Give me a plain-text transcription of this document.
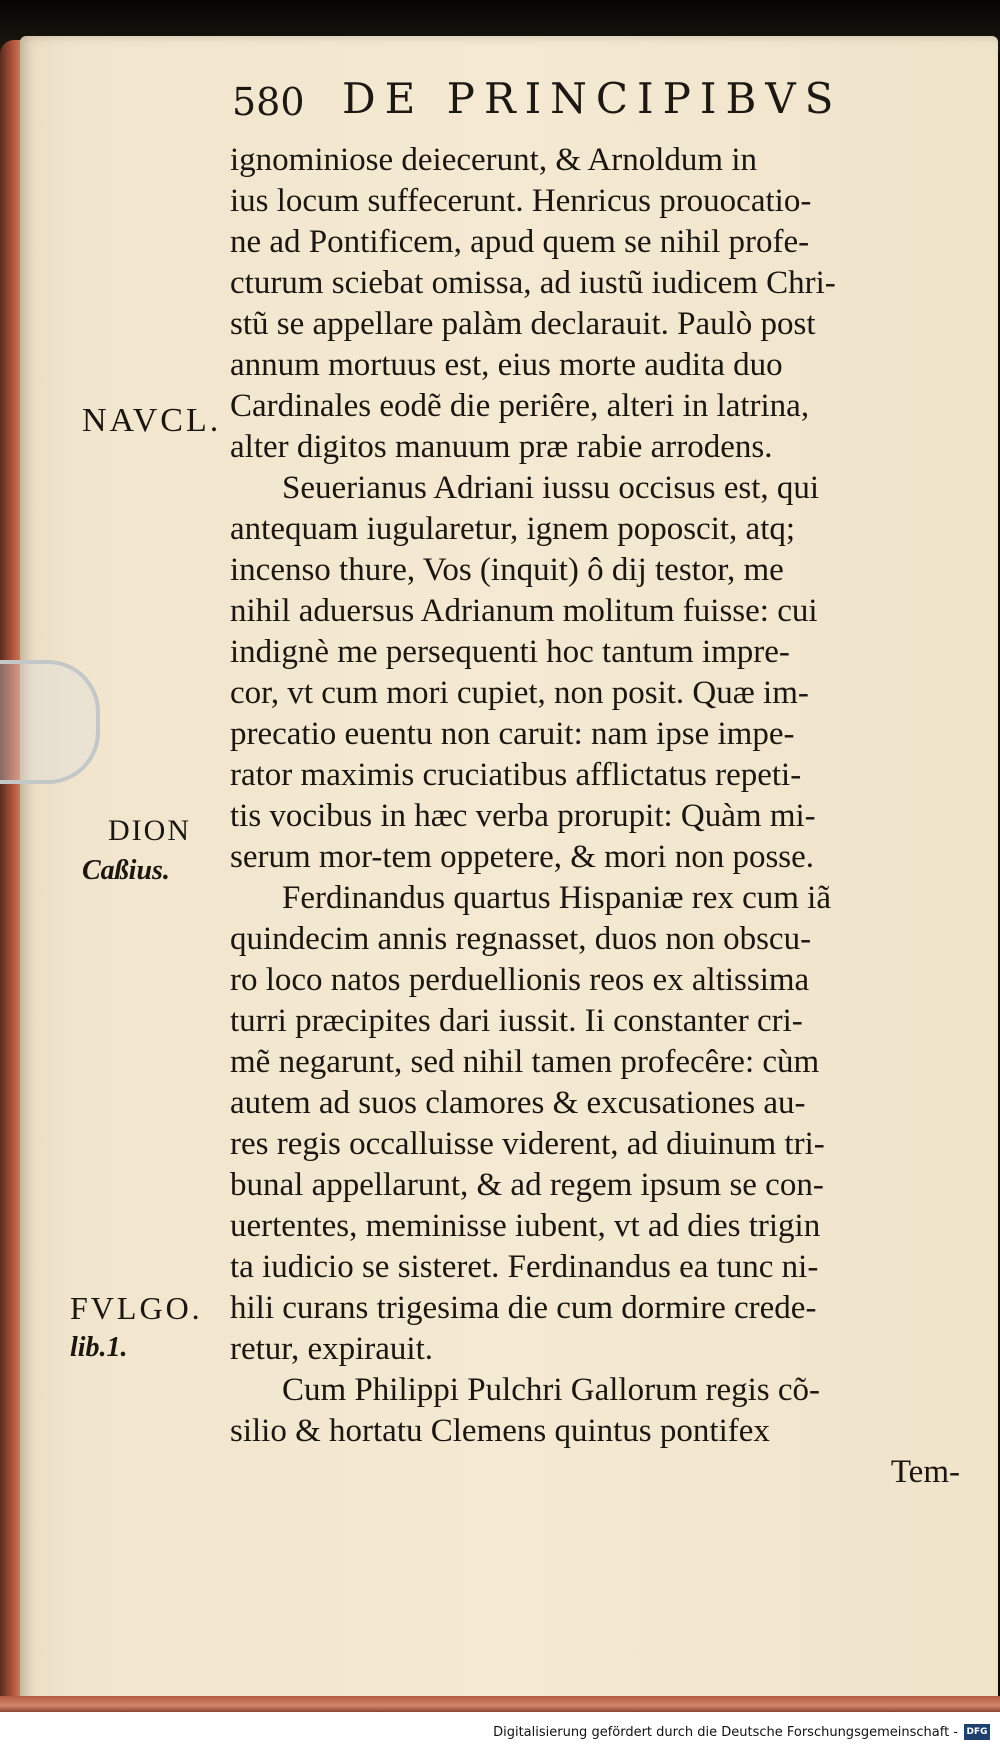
580 DE PRINCIPIBVS
NAVCL.
DION
Caßius.
FVLGO.
lib.1.
ignominiose deiecerunt, & Arnoldum in
ius locum suffecerunt. Henricus prouocatio-
ne ad Pontificem, apud quem se nihil profe-
cturum sciebat omissa, ad iustũ iudicem Chri-
stũ se appellare palàm declarauit. Paulò post
annum mortuus est, eius morte audita duo
Cardinales eodẽ die periêre, alteri in latrina,
alter digitos manuum præ rabie arrodens.
Seuerianus Adriani iussu occisus est, qui
antequam iugularetur, ignem poposcit, atq;
incenso thure, Vos (inquit) ô dij testor, me
nihil aduersus Adrianum molitum fuisse: cui
indignè me persequenti hoc tantum impre-
cor, vt cum mori cupiet, non posit. Quæ im-
precatio euentu non caruit: nam ipse impe-
rator maximis cruciatibus afflictatus repeti-
tis vocibus in hæc verba prorupit: Quàm mi-
serum mor-tem oppetere, & mori non posse.
Ferdinandus quartus Hispaniæ rex cum iã
quindecim annis regnasset, duos non obscu-
ro loco natos perduellionis reos ex altissima
turri præcipites dari iussit. Ii constanter cri-
mẽ negarunt, sed nihil tamen profecêre: cùm
autem ad suos clamores & excusationes au-
res regis occalluisse viderent, ad diuinum tri-
bunal appellarunt, & ad regem ipsum se con-
uertentes, meminisse iubent, vt ad dies trigin
ta iudicio se sisteret. Ferdinandus ea tunc ni-
hili curans trigesima die cum dormire crede-
retur, expirauit.
Cum Philippi Pulchri Gallorum regis cõ-
silio & hortatu Clemens quintus pontifex
Tem-
Digitalisierung gefördert durch die Deutsche Forschungsgemeinschaft - DFG
